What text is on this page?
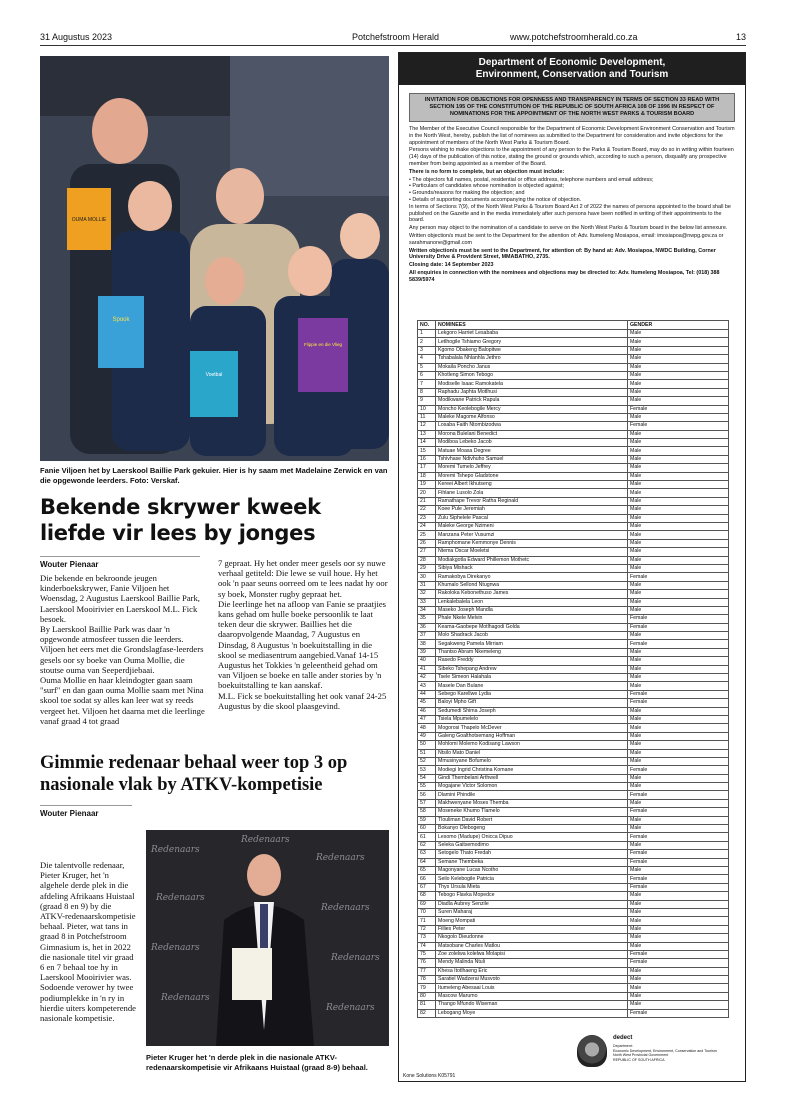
31 Augustus 2023	Potchefstroom Herald	www.potchefstroomherald.co.za	13
OUMA MOLLIE
Spook
Voetbal
Flippie en die Vlieg
Fanie Viljoen het by Laerskool Baillie Park gekuier. Hier is hy saam met Madelaine Zerwick en van die opgewonde leerders. Foto: Verskaf.
Bekende skrywer kweek liefde vir lees by jonges
Wouter Pienaar

Die bekende en bekroonde jeugen kinderboekskrywer, Fanie Viljoen het Woensdag, 2 Augustus Laerskool Baillie Park, Laerskool Mooirivier en Laerskool M.L. Fick besoek.

By Laerskool Baillie Park was daar 'n opgewonde atmosfeer tussen die leerders. Viljoen het eers met die Grondslagfase-leerders gesels oor sy boeke van Ouma Mollie, die stoutse ouma van Seeperdjiebaai.

Ouma Mollie en haar kleindogter gaan saam "surf" en dan gaan ouma Mollie saam met Nina skool toe sodat sy alles kan leer wat sy reeds vergeet het. Viljoen het daarna met die leerlinge vanaf graad 4 tot graad

7 gepraat. Hy het onder meer gesels oor sy nuwe verhaal getiteld: Die lewe se vuil houe. Hy het ook 'n paar seuns oorreed om te lees nadat hy oor sy boek, Monster rugby gepraat het.

Die leerlinge het na afloop van Fanie se praatjies kans gehad om hulle boeke persoonlik te laat teken deur die skrywer. Baillies het die daaropvolgende Maandag, 7 Augustus en Dinsdag, 8 Augustus 'n boekuitstalling in die skool se mediasentrum aangebied.Vanaf 14-15 Augustus het Tokkies 'n geleentheid gehad om van Viljoen se boeke en talle ander stories by 'n boekuitstalling te kan aanskaf.

M.L. Fick se boekuitstalling het ook vanaf 24-25 Augustus by die skool plaasgevind.

Gimmie redenaar behaal weer top 3 op nasionale vlak by ATKV-kompetisie
Wouter Pienaar
Die talentvolle redenaar, Pieter Kruger, het 'n algehele derde plek in die afdeling Afrikaans Huistaal (graad 8 en 9) by die ATKV-redenaarskompetisie behaal. Pieter, wat tans in graad 8 in Potchefstroom Gimnasium is, het in 2022 die nasionale titel vir graad 6 en 7 behaal toe hy in Laerskool Mooirivier was. Sodoende verower hy twee podiumplekke in 'n ry in hierdie uiters kompeterende nasionale kompetisie.
Redenaars
Redenaars
Redenaars
Redenaars
Redenaars
Redenaars
Redenaars
Redenaars
Redenaars
Pieter Kruger het 'n derde plek in die nasionale ATKV-redenaarskompetisie vir Afrikaans Huistaal (graad 8-9) behaal.
Department of Economic Development,
Environment, Conservation and Tourism
INVITATION FOR OBJECTIONS FOR OPENNESS AND TRANSPARENCY IN TERMS OF SECTION 33 READ WITH SECTION 195 OF THE CONSTITUTION OF THE REPUBLIC OF SOUTH AFRICA 108 OF 1996 IN RESPECT OF NOMINATIONS FOR THE APPOINTMENT OF THE NORTH WEST PARKS & TOURISM BOARD

The Member of the Executive Council responsible for the Department of Economic Development Environment Conservation and Tourism in the North West, hereby, publish the list of nominees as submitted to the Department for consideration and invite objections for the appointment of members of the North West Parks & Tourism Board.

Persons wishing to make objections to the appointment of any person to the Parks & Tourism Board, may do so in writing within fourteen (14) days of the publication of this notice, stating the ground or grounds which, according to such a person, disqualify any prospective member from being appointed as a member of the Board.

There is no form to complete, but an objection must include:

• The objectors full names, postal, residential or office address, telephone numbers and email address;
• Particulars of candidates whose nomination is objected against;
• Grounds/reasons for making the objection; and
• Details of supporting documents accompanying the notice of objection.

In terms of Sections 7(9), of the North West Parks & Tourism Board Act 2 of 2022 the names of persons appointed to the board shall be published on the Gazette and in the media immediately after such persons have been notified in writing of their appointments to the board.

Any person may object to the nomination of a candidate to serve on the North West Parks & Tourism board in the below list annexure.

Written objection/s must be sent to the Department for the attention of: Adv. Itumeleng Mosiapoa, email: imosiapoa@nwpg.gov.za or sarahmanone@gmail.com

Written objection/s must be sent to the Department, for attention of: By hand at: Adv. Mosiapoa, NWDC Building, Corner University Drive & Provident Street, MMABATHO, 2735.

Closing date: 14 September 2023

All enquiries in connection with the nominees and objections may be directed to: Adv. Itumeleng Mosiapoa, Tel: (018) 388 5839/5974

NO.	NOMINEES	GENDER
1	Lekgoro Harriet Lesababa	Male
2	Letlhogile Tshiamo Gregory	Male
3	Kgomo Obakeng Balopitwe	Male
4	Tshabalala Nhlanhla Jethro	Male
5	Mokaila Poncho Janus	Male
6	Khotleng Simon Tebogo	Male
7	Modiselle Isaac Ramokatela	Male
8	Raphadu Japhta Motlhusi	Male
9	Modikwane Patrick Rapula	Male
10	Moncho Keolebogile Mercy	Female
11	Maleke Magome Alfonso	Male
12	Losaba Faith Ntombizodwa	Female
13	Morona Bulelani Benedict	Male
14	Modiboa Lebeko Jacob	Male
15	Matuae Moasa Degree	Male
16	Tshivhase Ndivhuho Samuel	Male
17	Moremi Tumelo Jeffrey	Male
18	Moremi Tshepo Gladstone	Male
19	Kereei Albert Ikhutseng	Male
20	Fihlane Lusolo Zola	Male
21	Ramathape Trevor Ratha Reginald	Male
22	Koee Pule Jeremiah	Male
23	Zulu Siphelele Pascal	Male
24	Maleke George Nzimeni	Male
25	Manzana Peter Vusumzi	Male
26	Ramphomane Kemmonye Dennis	Male
27	Ntema Oscar Moeletsi	Male
28	Modiakgotla Edward Phillemon Mothetc	Male
29	Sibiya Mishack	Male
30	Ramakobya Direkanyo	Female
31	Khumalo Sellond Ntugnwa	Male
32	Rakoloka Kebonethuso James	Male
33	Lenkalebalela Leon	Male
34	Maseko Joseph Mandla	Male
35	Phale Nkele Melvin	Female
36	Keama-Gaobepe Motlhagodi Golda	Female
37	Molo Shadrack Jacob	Male
38	Segakweng Pamela Mirriam	Female
39	Thantso Abram Nkemeleng	Male
40	Rasedo Freddy	Male
41	Sibeko Tshepang Andrew	Male
42	Tsele Simeon Halahala	Male
43	Masele Dan Bulane	Male
44	Sebego Karellwe Lydia	Female
45	Baloyi Mpho Gift	Female
46	Sedumedi Shima Joseph	Male
47	Tsiela Mpumelelo	Male
48	Mogorosi Thapelo McDever	Male
49	Galeng Goalthotsemang Hoffman	Male
50	Mohlomi Molemo Kodisang Lawson	Male
51	Ntsilo Mato Daniel	Male
52	Mmusinyane Bofumelo	Male
53	Modiegi Ingrid Christina Komane	Female
54	Gindi Thembelani Arthwell	Male
55	Mogajane Victor Solomon	Male
56	Dlamini Phindile	Female
57	Makhwenyane Moses Themba	Male
58	Moseneke Khumo Tlamelo	Female
59	Tlouliman David Robert	Male
60	Bokanyo Olebogeng	Male
61	Lesomo (Madupe) Onicca Dipuo	Female
62	Seleka Gaitsemodimo	Male
63	Setogelo Thato Fredah	Female
64	Semane Thembeka	Female
65	Magonyane Lucas Ncotho	Male
66	Seilo Kelebogile Patricia	Female
67	Thys Ursula Mieta	Female
68	Tebogo Flavka Mopedce	Male
69	Diadla Aubrey Senzile	Male
70	Suren Maharaj	Male
71	Moeng Mompati	Male
72	Fillies Peter	Male
73	Nkogolo Dieudonne	Male
74	Matsobane Charles Matlou	Male
75	Zoe zolelwa kolelwa Molapisi	Female
76	Mendy Malinda Ntuli	Female
77	Khesa Itotlhaeng Eric	Male
78	Saratiel Wadzerai Musvoto	Male
79	Itumeleng Abesaai Louis	Male
80	Mascow Marumo	Male
81	Thango Mfundo Wiseman	Male
82	Lebogang Moye	Female
Kone Solutions K05791
dedect
Department:
Economic Development, Environment, Conservation and Tourism
North West Provincial Government
REPUBLIC OF SOUTH AFRICA
